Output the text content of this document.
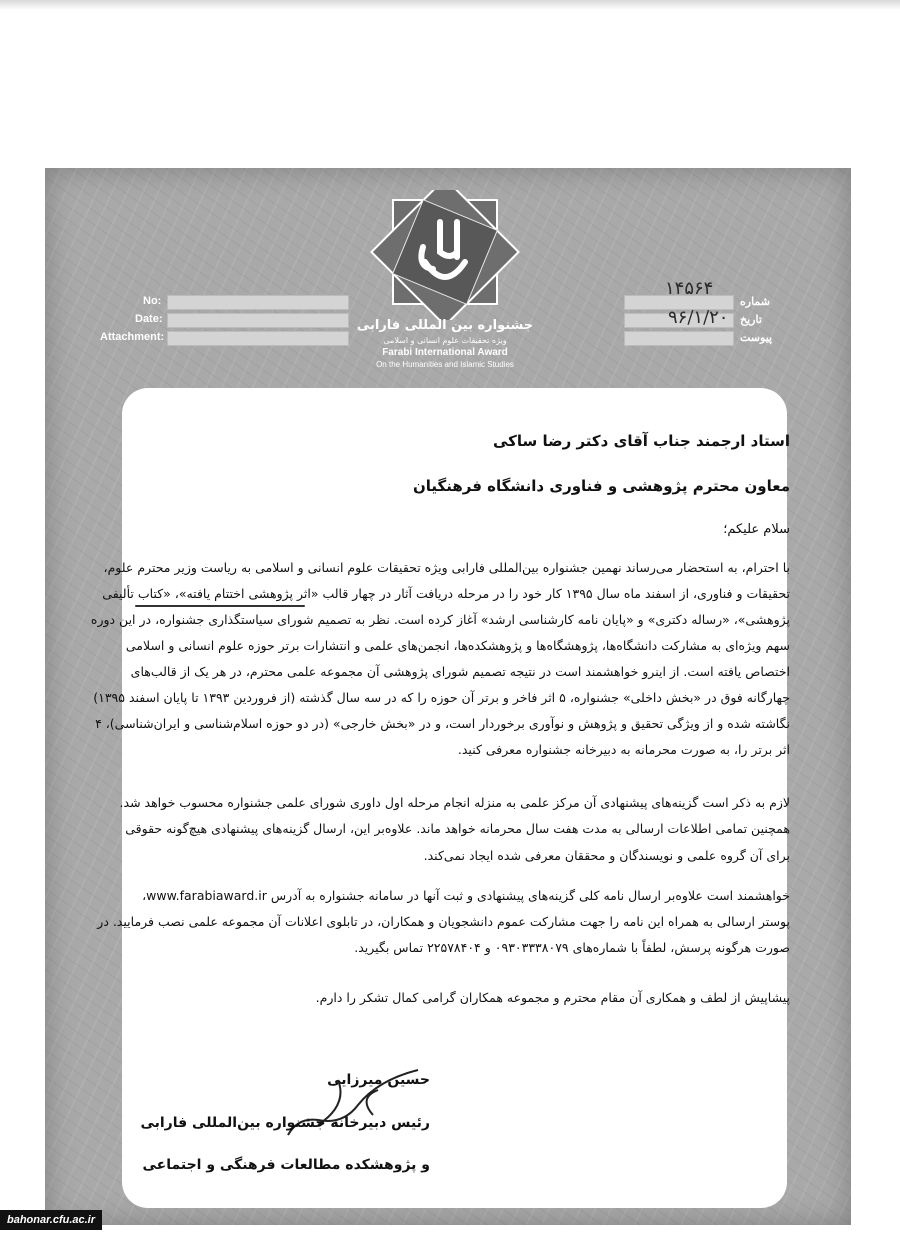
No:
Date:
Attachment:
شماره
تاریخ
پیوست
۱۴۵۶۴
۹۶/۱/۲۰
جشنواره بین المللی فارابی
ویژه تحقیقات علوم انسانی و اسلامی
Farabi International Award
On the Humanities and Islamic Studies
استاد ارجمند جناب آقای دکتر رضا ساکی
معاون محترم پژوهشی و فناوری دانشگاه فرهنگیان
سلام علیکم؛
با احترام، به استحضار می‌رساند نهمین جشنواره بین‌المللی فارابی ویژه تحقیقات علوم انسانی و اسلامی به ریاست وزیر محترم علوم،
تحقیقات و فناوری، از اسفند ماه سال ۱۳۹۵ کار خود را در مرحله دریافت آثار در چهار قالب «اثر پژوهشی اختتام یافته»، «کتاب تألیفی
پژوهشی»، «رساله دکتری» و «پایان نامه کارشناسی ارشد» آغاز کرده است. نظر به تصمیم شورای سیاستگذاری جشنواره، در این دوره
سهم ویژه‌ای به مشارکت دانشگاه‌ها، پژوهشگاه‌ها و پژوهشکده‌ها، انجمن‌های علمی و انتشارات برتر حوزه علوم انسانی و اسلامی
اختصاص یافته است. از اینرو خواهشمند است در نتیجه تصمیم شورای پژوهشی آن مجموعه علمی محترم، در هر یک از قالب‌های
چهارگانه فوق در «بخش داخلی» جشنواره، ۵ اثر فاخر و برتر آن حوزه را که در سه سال گذشته (از فروردین ۱۳۹۳ تا پایان اسفند ۱۳۹۵)
نگاشته شده و از ویژگی تحقیق و پژوهش و نوآوری برخوردار است، و در «بخش خارجی» (در دو حوزه اسلام‌شناسی و ایران‌شناسی)، ۴
اثر برتر را، به صورت محرمانه به دبیرخانه جشنواره معرفی کنید.
لازم به ذکر است گزینه‌های پیشنهادی آن مرکز علمی به منزله انجام مرحله اول داوری شورای علمی جشنواره محسوب خواهد شد.
همچنین تمامی اطلاعات ارسالی به مدت هفت سال محرمانه خواهد ماند. علاوه‌بر این، ارسال گزینه‌های پیشنهادی هیچ‌گونه حقوقی
برای آن گروه علمی و نویسندگان و محققان معرفی شده ایجاد نمی‌کند.
خواهشمند است علاوه‌بر ارسال نامه کلی گزینه‌های پیشنهادی و ثبت آنها در سامانه جشنواره به آدرس www.farabiaward.ir،
پوستر ارسالی به همراه این نامه را جهت مشارکت عموم دانشجویان و همکاران، در تابلوی اعلانات آن مجموعه علمی نصب فرمایید. در
صورت هرگونه پرسش، لطفاً با شماره‌های ۰۹۳۰۳۳۳۸۰۷۹ و ۲۲۵۷۸۴۰۴ تماس بگیرید.
پیشاپیش از لطف و همکاری آن مقام محترم و مجموعه همکاران گرامی کمال تشکر را دارم.
حسین میرزایی
رئیس دبیرخانه جشنواره بین‌المللی فارابی
و پژوهشکده مطالعات فرهنگی و اجتماعی
bahonar.cfu.ac.ir
